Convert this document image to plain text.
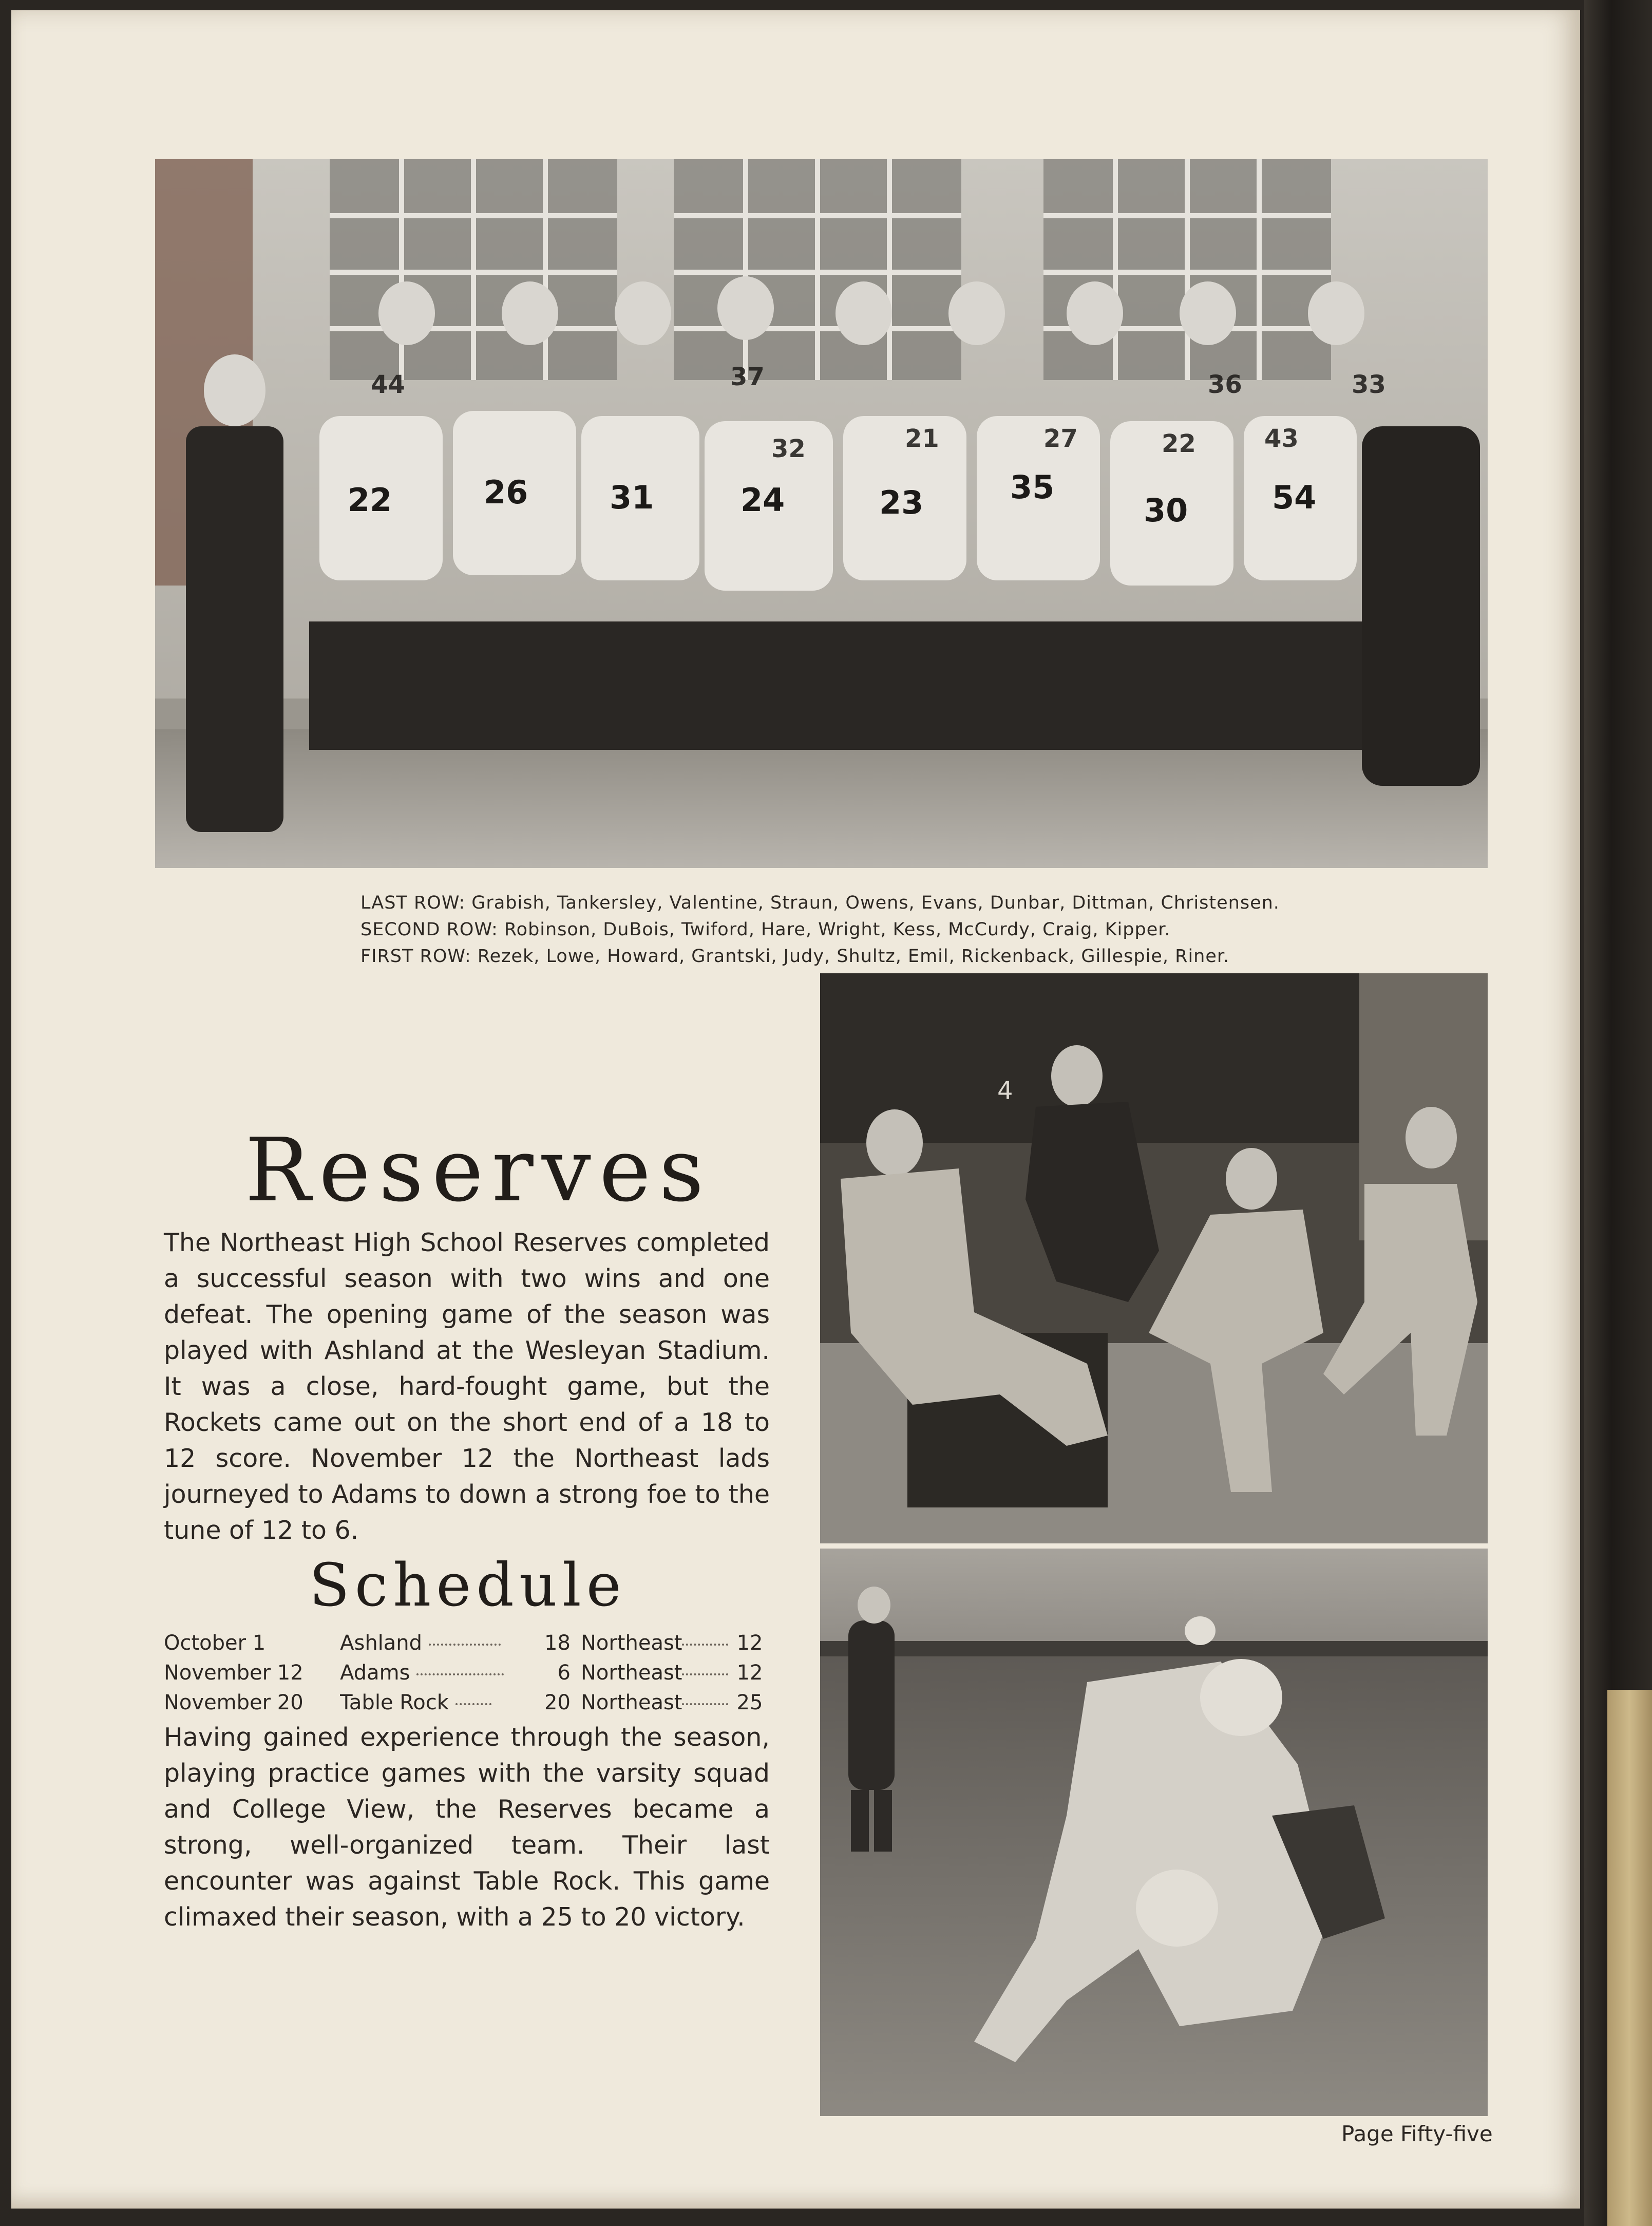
22	26	31	24	23	35
30	54
44	37	36	33
32	21	27	22	43
LAST ROW: Grabish, Tankersley, Valentine, Straun, Owens, Evans, Dunbar, Dittman, Christensen.
SECOND ROW: Robinson, DuBois, Twiford, Hare, Wright, Kess, McCurdy, Craig, Kipper.
FIRST ROW: Rezek, Lowe, Howard, Grantski, Judy, Shultz, Emil, Rickenback, Gillespie, Riner.
4
Reserves
The Northeast High School Reserves completed a successful season with two wins and one defeat. The opening game of the season was played with Ashland at the Wesleyan Stadium. It was a close, hard-fought game, but the Rockets came out on the short end of a 18 to 12 score. November 12 the Northeast lads journeyed to Adams to down a strong foe to the tune of 12 to 6.
Schedule
October 1	Ashland	18	Northeast	12
November 12	Adams	6	Northeast	12
November 20	Table Rock	20	Northeast	25
Having gained experience through the season, playing practice games with the varsity squad and College View, the Reserves became a strong, well-organized team. Their last encounter was against Table Rock. This game climaxed their season, with a 25 to 20 victory.
Page Fifty-five
